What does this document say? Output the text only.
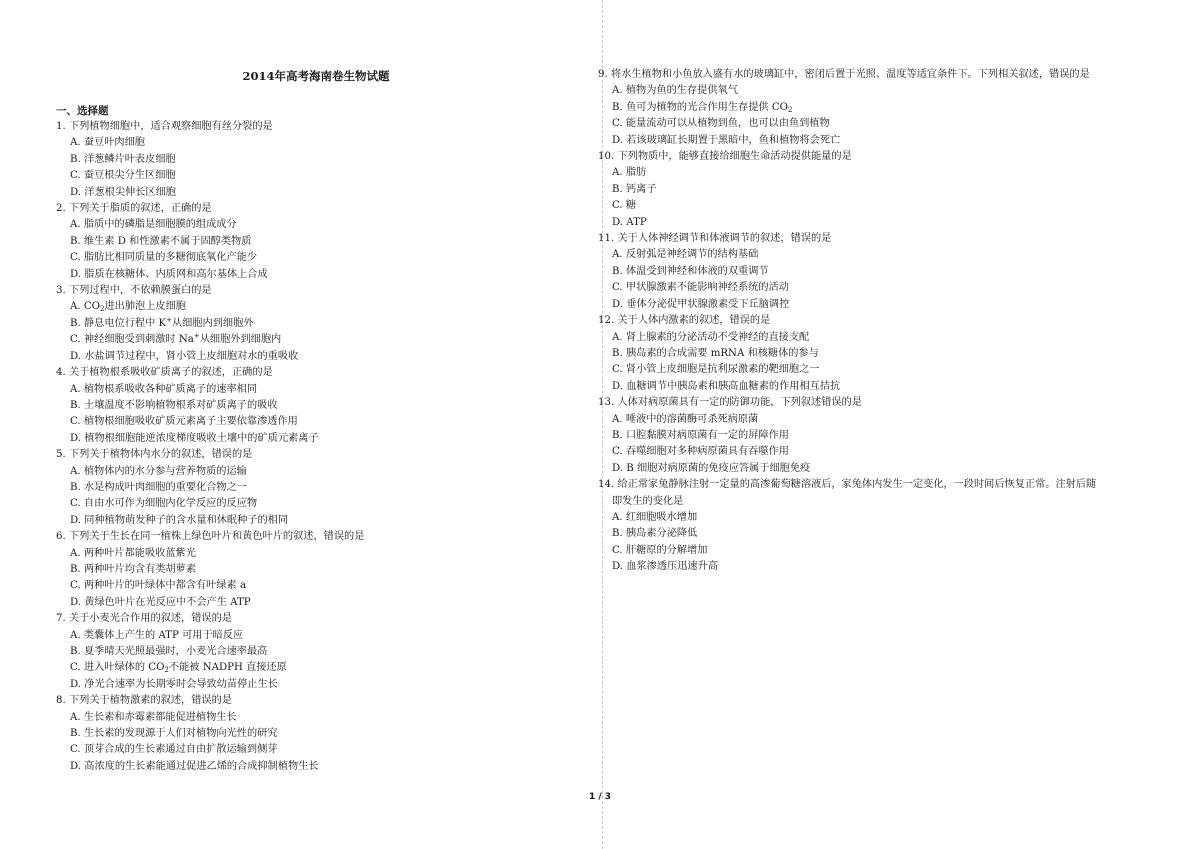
2014年高考海南卷生物试题
一、选择题
1. 下列植物细胞中，适合观察细胞有丝分裂的是
A. 蚕豆叶肉细胞
B. 洋葱鳞片叶表皮细胞
C. 蚕豆根尖分生区细胞
D. 洋葱根尖伸长区细胞
2. 下列关于脂质的叙述，正确的是
A. 脂质中的磷脂是细胞膜的组成成分
B. 维生素 D 和性激素不属于固醇类物质
C. 脂肪比相同质量的多糖彻底氧化产能少
D. 脂质在核糖体、内质网和高尔基体上合成
3. 下列过程中，不依赖膜蛋白的是
A. $CO_2$进出肺泡上皮细胞
B. 静息电位行程中 K+从细胞内到细胞外
C. 神经细胞受到刺激时 Na+从细胞外到细胞内
D. 水盐调节过程中，肾小管上皮细胞对水的重吸收
4. 关于植物根系吸收矿质离子的叙述，正确的是
A. 植物根系吸收各种矿质离子的速率相同
B. 土壤温度不影响植物根系对矿质离子的吸收
C. 植物根细胞吸收矿质元素离子主要依靠渗透作用
D. 植物根细胞能逆浓度梯度吸收土壤中的矿质元素离子
5. 下列关于植物体内水分的叙述，错误的是
A. 植物体内的水分参与营养物质的运输
B. 水是构成叶肉细胞的重要化合物之一
C. 自由水可作为细胞内化学反应的反应物
D. 同种植物萌发种子的含水量和休眠种子的相同
6. 下列关于生长在同一植株上绿色叶片和黄色叶片的叙述，错误的是
A. 两种叶片都能吸收蓝紫光
B. 两种叶片均含有类胡萝素
C. 两种叶片的叶绿体中都含有叶绿素 a
D. 黄绿色叶片在光反应中不会产生 ATP
7. 关于小麦光合作用的叙述，错误的是
A. 类囊体上产生的 ATP 可用于暗反应
B. 夏季晴天光照最强时，小麦光合速率最高
C. 进入叶绿体的 $CO_2$不能被 NADPH 直接还原
D. 净光合速率为长期零时会导致幼苗停止生长
8. 下列关于植物激素的叙述，错误的是
A. 生长素和赤霉素都能促进植物生长
B. 生长素的发现源于人们对植物向光性的研究
C. 顶芽合成的生长素通过自由扩散运输到侧芽
D. 高浓度的生长素能通过促进乙烯的合成抑制植物生长
9. 将水生植物和小鱼放入盛有水的玻璃缸中，密闭后置于光照、温度等适宜条件下。下列相关叙述，错误的是
A. 植物为鱼的生存提供氧气
B. 鱼可为植物的光合作用生存提供 $CO_2$
C. 能量流动可以从植物到鱼，也可以由鱼到植物
D. 若该玻璃缸长期置于黑暗中，鱼和植物将会死亡
10. 下列物质中，能够直接给细胞生命活动提供能量的是
A. 脂肪
B. 钙离子
C. 糖
D. ATP
11. 关于人体神经调节和体液调节的叙述，错误的是
A. 反射弧是神经调节的结构基础
B. 体温受到神经和体液的双重调节
C. 甲状腺激素不能影响神经系统的活动
D. 垂体分泌促甲状腺激素受下丘脑调控
12. 关于人体内激素的叙述，错误的是
A. 肾上腺素的分泌活动不受神经的直接支配
B. 胰岛素的合成需要 mRNA 和核糖体的参与
C. 肾小管上皮细胞是抗利尿激素的靶细胞之一
D. 血糖调节中胰岛素和胰高血糖素的作用相互拮抗
13. 人体对病原菌具有一定的防御功能，下列叙述错误的是
A. 唾液中的溶菌酶可杀死病原菌
B. 口腔黏膜对病原菌有一定的屏障作用
C. 吞噬细胞对多种病原菌具有吞噬作用
D. B 细胞对病原菌的免疫应答属于细胞免疫
14. 给正常家兔静脉注射一定量的高渗葡萄糖溶液后，家兔体内发生一定变化，一段时间后恢复正常。注射后随
即发生的变化是
A. 红细胞吸水增加
B. 胰岛素分泌降低
C. 肝糖原的分解增加
D. 血浆渗透压迅速升高
1 / 3
